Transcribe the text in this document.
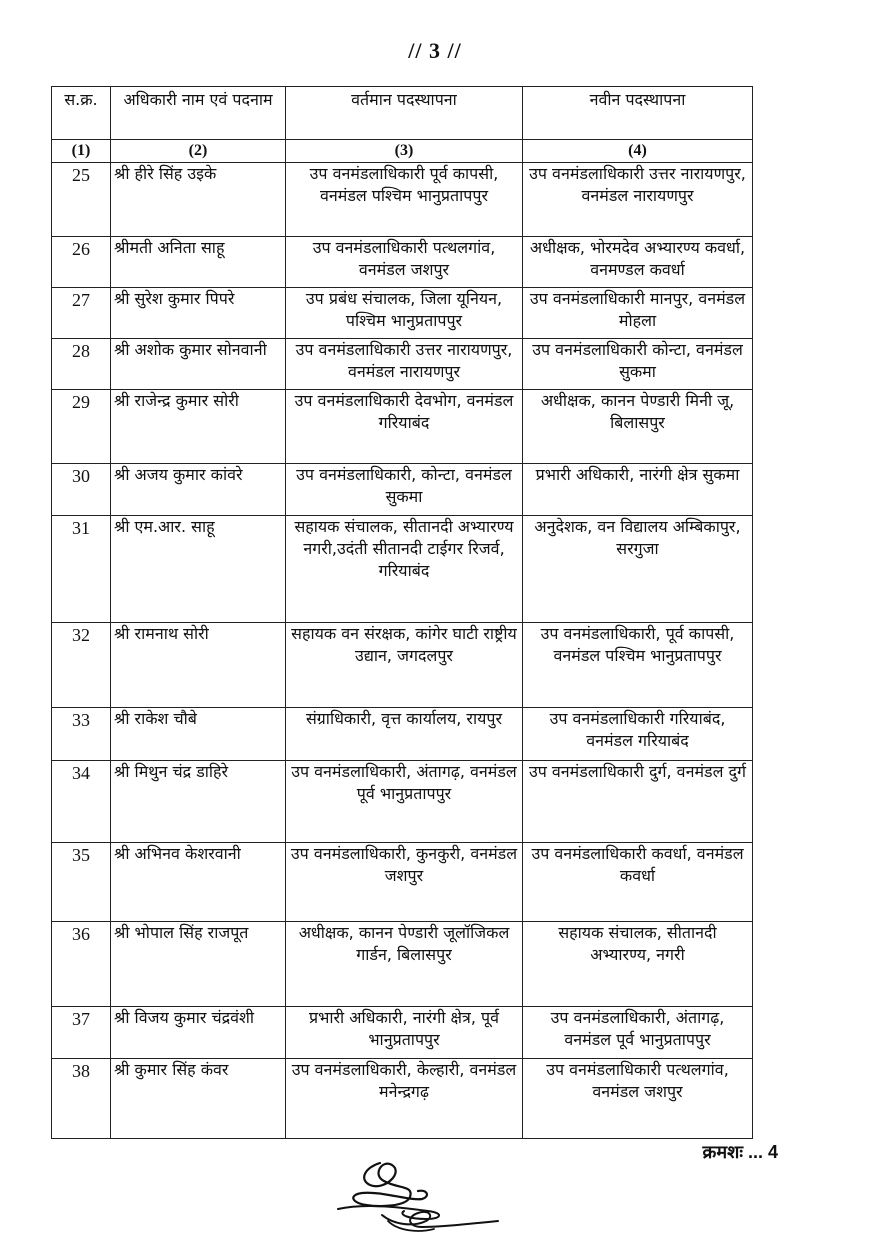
// 3 //
स.क्र.	अधिकारी नाम एवं पदनाम	वर्तमान पदस्थापना	नवीन पदस्थापना
(1)	(2)	(3)	(4)
25	श्री हीरे सिंह उइके	उप वनमंडलाधिकारी पूर्व कापसी, वनमंडल पश्चिम भानुप्रतापपुर	उप वनमंडलाधिकारी उत्तर नारायणपुर, वनमंडल नारायणपुर
26	श्रीमती अनिता साहू	उप वनमंडलाधिकारी पत्थलगांव, वनमंडल जशपुर	अधीक्षक, भोरमदेव अभ्यारण्य कवर्धा, वनमण्डल कवर्धा
27	श्री सुरेश कुमार पिपरे	उप प्रबंध संचालक, जिला यूनियन, पश्चिम भानुप्रतापपुर	उप वनमंडलाधिकारी मानपुर, वनमंडल मोहला
28	श्री अशोक कुमार सोनवानी	उप वनमंडलाधिकारी उत्तर नारायणपुर, वनमंडल नारायणपुर	उप वनमंडलाधिकारी कोन्टा, वनमंडल सुकमा
29	श्री राजेन्द्र कुमार सोरी	उप वनमंडलाधिकारी देवभोग, वनमंडल गरियाबंद	अधीक्षक, कानन पेण्डारी मिनी जू, बिलासपुर
30	श्री अजय कुमार कांवरे	उप वनमंडलाधिकारी, कोन्टा, वनमंडल सुकमा	प्रभारी अधिकारी, नारंगी क्षेत्र सुकमा
31	श्री एम.आर. साहू	सहायक संचालक, सीतानदी अभ्यारण्य नगरी,उदंती सीतानदी टाईगर रिजर्व, गरियाबंद	अनुदेशक, वन विद्यालय अम्बिकापुर, सरगुजा
32	श्री रामनाथ सोरी	सहायक वन संरक्षक, कांगेर घाटी राष्ट्रीय उद्यान, जगदलपुर	उप वनमंडलाधिकारी, पूर्व कापसी, वनमंडल पश्चिम भानुप्रतापपुर
33	श्री राकेश चौबे	संग्राधिकारी, वृत्त कार्यालय, रायपुर	उप वनमंडलाधिकारी गरियाबंद, वनमंडल गरियाबंद
34	श्री मिथुन चंद्र डाहिरे	उप वनमंडलाधिकारी, अंतागढ़, वनमंडल पूर्व भानुप्रतापपुर	उप वनमंडलाधिकारी दुर्ग, वनमंडल दुर्ग
35	श्री अभिनव केशरवानी	उप वनमंडलाधिकारी, कुनकुरी, वनमंडल जशपुर	उप वनमंडलाधिकारी कवर्धा, वनमंडल कवर्धा
36	श्री भोपाल सिंह राजपूत	अधीक्षक, कानन पेण्डारी जूलॉजिकल गार्डन, बिलासपुर	सहायक संचालक, सीतानदी अभ्यारण्य, नगरी
37	श्री विजय कुमार चंद्रवंशी	प्रभारी अधिकारी, नारंगी क्षेत्र, पूर्व भानुप्रतापपुर	उप वनमंडलाधिकारी, अंतागढ़, वनमंडल पूर्व भानुप्रतापपुर
38	श्री कुमार सिंह कंवर	उप वनमंडलाधिकारी, केल्हारी, वनमंडल मनेन्द्रगढ़	उप वनमंडलाधिकारी पत्थलगांव, वनमंडल जशपुर
क्रमशः ... 4
